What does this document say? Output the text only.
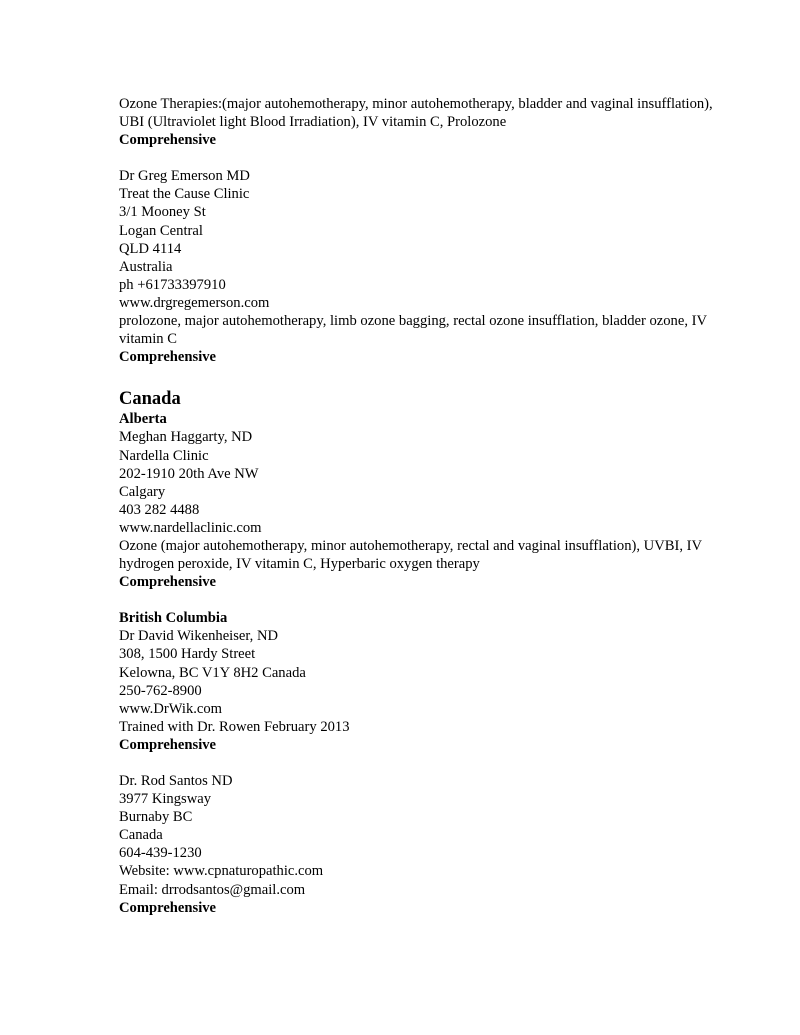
Ozone Therapies:(major autohemotherapy, minor autohemotherapy, bladder and vaginal insufflation), UBI (Ultraviolet light Blood Irradiation), IV vitamin C, Prolozone
Comprehensive
Dr Greg Emerson MD
Treat the Cause Clinic
3/1 Mooney St
Logan Central
QLD 4114
Australia
ph +61733397910
www.drgregemerson.com
prolozone, major autohemotherapy, limb ozone bagging, rectal ozone insufflation, bladder ozone, IV vitamin C
Comprehensive
Canada
Alberta
Meghan Haggarty, ND
Nardella Clinic
202-1910 20th Ave NW
Calgary
403 282 4488
www.nardellaclinic.com
Ozone (major autohemotherapy, minor autohemotherapy, rectal and vaginal insufflation), UVBI, IV hydrogen peroxide, IV vitamin C, Hyperbaric oxygen therapy
Comprehensive
British Columbia
Dr David Wikenheiser, ND
308, 1500 Hardy Street
Kelowna, BC V1Y 8H2 Canada
250-762-8900
www.DrWik.com
Trained with Dr. Rowen February 2013
Comprehensive
Dr. Rod Santos ND
3977 Kingsway
Burnaby BC
Canada
604-439-1230
Website: www.cpnaturopathic.com
Email: drrodsantos@gmail.com
Comprehensive
